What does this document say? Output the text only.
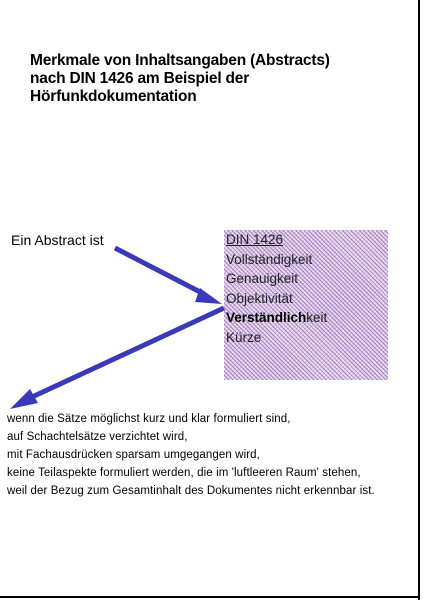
Merkmale von Inhaltsangaben (Abstracts)
nach DIN 1426 am Beispiel der
Hörfunkdokumentation
Ein Abstract ist	DIN 1426
Vollständigkeit
Genauigkeit
Objektivität
Verständlichkeit
Kürze
wenn die Sätze möglichst kurz und klar formuliert sind,
auf Schachtelsätze verzichtet wird,
mit Fachausdrücken sparsam umgegangen wird,
keine Teilaspekte formuliert werden, die im 'luftleeren Raum' stehen,
weil der Bezug zum Gesamtinhalt des Dokumentes nicht erkennbar ist.
